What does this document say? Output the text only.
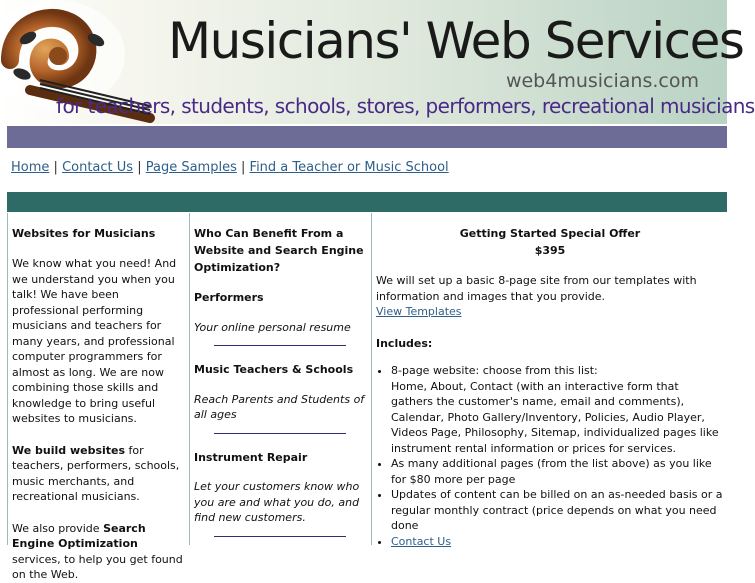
Musicians' Web Services
web4musicians.com
for teachers, students, schools, stores, performers, recreational musicians
Home | Contact Us | Page Samples | Find a Teacher or Music School
Websites for Musicians

We know what you need! And we understand you when you talk! We have been professional performing musicians and teachers for many years, and professional computer programmers for almost as long. We are now combining those skills and knowledge to bring useful websites to musicians.

We build websites for teachers, performers, schools, music merchants, and recreational musicians.

We also provide Search Engine Optimization services, to help you get found on the Web.

Who Can Benefit From a Website and Search Engine Optimization?
Performers
Your online personal resume
Music Teachers & Schools
Reach Parents and Students of all ages
Instrument Repair
Let your customers know who you are and what you do, and find new customers.
Getting Started Special Offer
$395
We will set up a basic 8-page site from our templates with information and images that you provide.
View Templates
Includes:
• 8-page website: choose from this list:
Home, About, Contact (with an interactive form that gathers the customer's name, email and comments), Calendar, Photo Gallery/Inventory, Policies, Audio Player, Videos Page, Philosophy, Sitemap, individualized pages like instrument rental information or prices for services.
• As many additional pages (from the list above) as you like for $80 more per page
• Updates of content can be billed on an as-needed basis or a regular monthly contract (price depends on what you need done
• Contact Us
